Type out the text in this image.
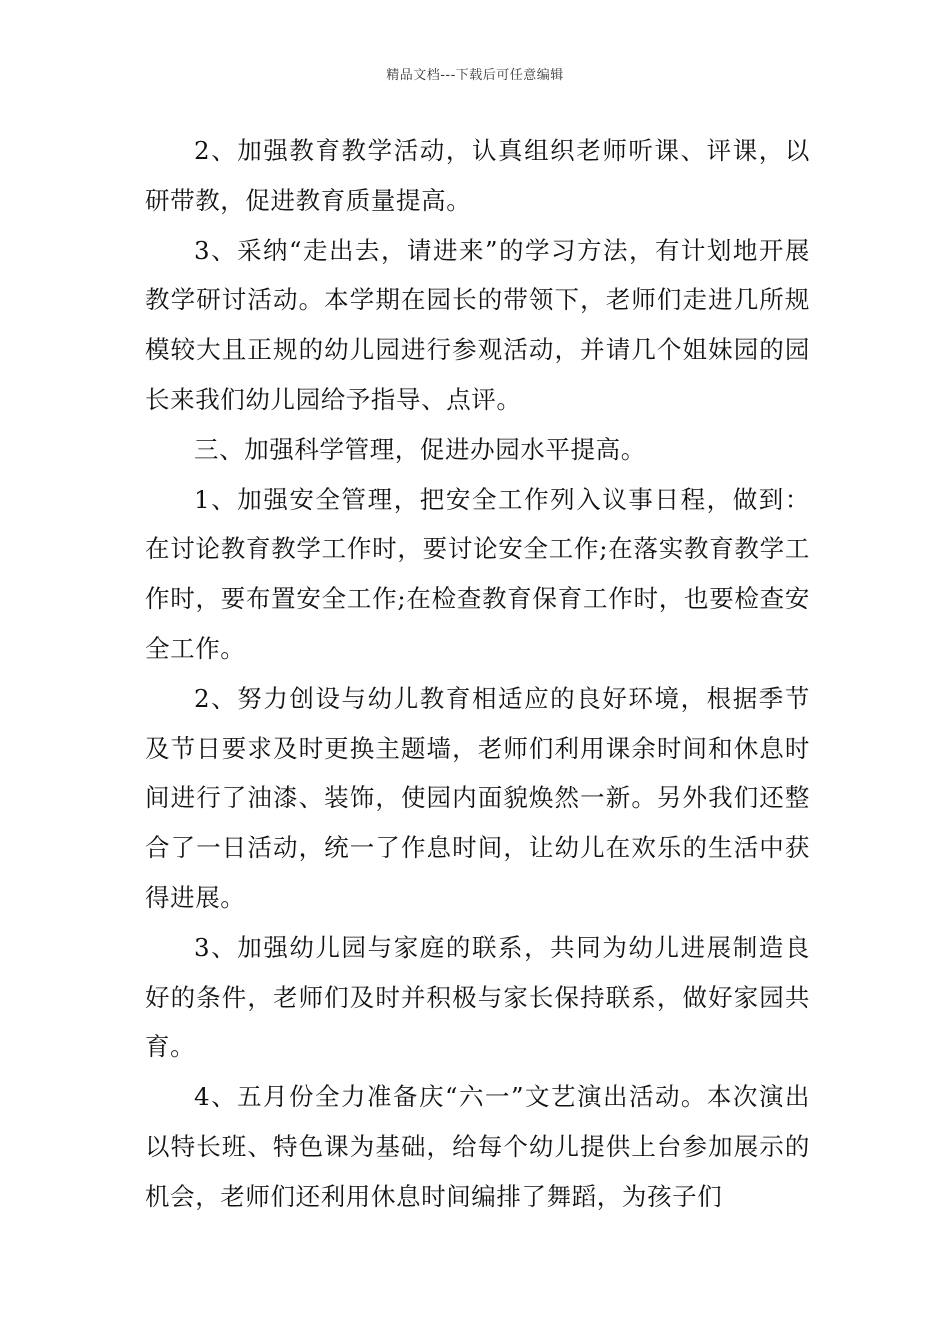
精品文档---下载后可任意编辑

2、加强教育教学活动，认真组织老师听课、评课，以研带教，促进教育质量提高。

3、采纳“走出去，请进来”的学习方法，有计划地开展教学研讨活动。本学期在园长的带领下，老师们走进几所规模较大且正规的幼儿园进行参观活动，并请几个姐妹园的园长来我们幼儿园给予指导、点评。

三、加强科学管理，促进办园水平提高。

1、加强安全管理，把安全工作列入议事日程，做到：在讨论教育教学工作时，要讨论安全工作;在落实教育教学工作时，要布置安全工作;在检查教育保育工作时，也要检查安全工作。

2、努力创设与幼儿教育相适应的良好环境，根据季节及节日要求及时更换主题墙，老师们利用课余时间和休息时间进行了油漆、装饰，使园内面貌焕然一新。另外我们还整合了一日活动，统一了作息时间，让幼儿在欢乐的生活中获得进展。

3、加强幼儿园与家庭的联系，共同为幼儿进展制造良好的条件，老师们及时并积极与家长保持联系，做好家园共育。

4、五月份全力准备庆“六一”文艺演出活动。本次演出以特长班、特色课为基础，给每个幼儿提供上台参加展示的机会，老师们还利用休息时间编排了舞蹈，为孩子们
